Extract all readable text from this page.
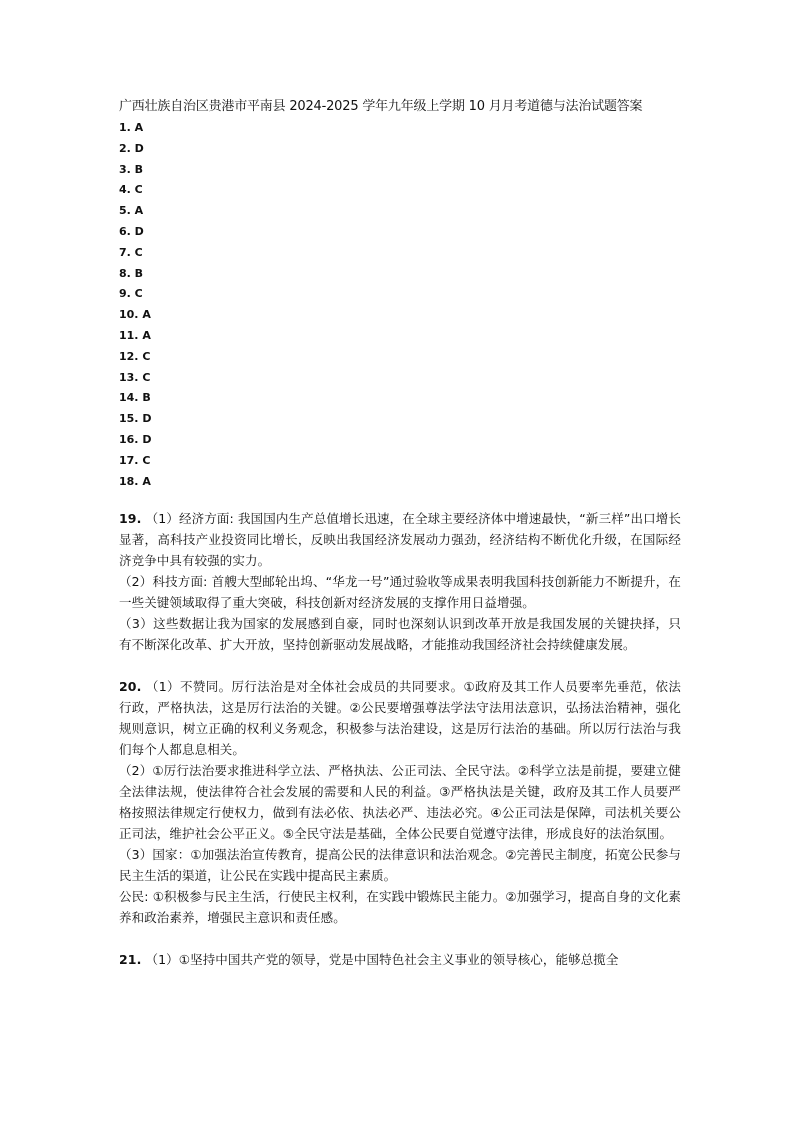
广西壮族自治区贵港市平南县 2024-2025 学年九年级上学期 10 月月考道德与法治试题答案
1. A
2. D
3. B
4. C
5. A
6. D
7. C
8. B
9. C
10. A
11. A
12. C
13. C
14. B
15. D
16. D
17. C
18. A

19. （1）经济方面: 我国国内生产总值增长迅速，在全球主要经济体中增速最快，“新三样”出口增长显著，高科技产业投资同比增长，反映出我国经济发展动力强劲，经济结构不断优化升级，在国际经济竞争中具有较强的实力。

（2）科技方面: 首艘大型邮轮出坞、“华龙一号”通过验收等成果表明我国科技创新能力不断提升，在一些关键领域取得了重大突破，科技创新对经济发展的支撑作用日益增强。

（3）这些数据让我为国家的发展感到自豪，同时也深刻认识到改革开放是我国发展的关键抉择，只有不断深化改革、扩大开放，坚持创新驱动发展战略，才能推动我国经济社会持续健康发展。

20. （1）不赞同。厉行法治是对全体社会成员的共同要求。①政府及其工作人员要率先垂范，依法行政，严格执法，这是厉行法治的关键。②公民要增强尊法学法守法用法意识，弘扬法治精神，强化规则意识，树立正确的权利义务观念，积极参与法治建设，这是厉行法治的基础。所以厉行法治与我们每个人都息息相关。

（2）①厉行法治要求推进科学立法、严格执法、公正司法、全民守法。②科学立法是前提，要建立健全法律法规，使法律符合社会发展的需要和人民的利益。③严格执法是关键，政府及其工作人员要严格按照法律规定行使权力，做到有法必依、执法必严、违法必究。④公正司法是保障，司法机关要公正司法，维护社会公平正义。⑤全民守法是基础，全体公民要自觉遵守法律，形成良好的法治氛围。

（3）国家：①加强法治宣传教育，提高公民的法律意识和法治观念。②完善民主制度，拓宽公民参与民主生活的渠道，让公民在实践中提高民主素质。

公民: ①积极参与民主生活，行使民主权利，在实践中锻炼民主能力。②加强学习，提高自身的文化素养和政治素养，增强民主意识和责任感。

21. （1）①坚持中国共产党的领导，党是中国特色社会主义事业的领导核心，能够总揽全
